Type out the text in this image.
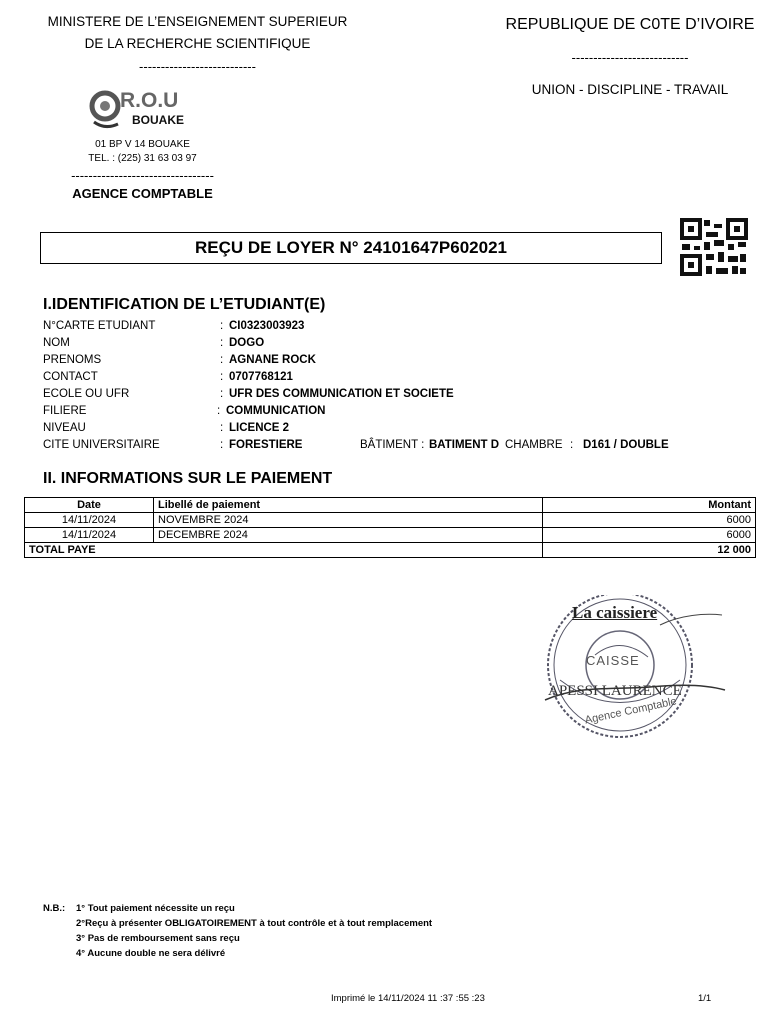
MINISTERE DE L’ENSEIGNEMENT SUPERIEUR
DE LA RECHERCHE SCIENTIFIQUE
---------------------------
R.O.U
BOUAKE
01 BP V 14 BOUAKE
TEL. : (225) 31 63 03 97
---------------------------------
AGENCE COMPTABLE
REPUBLIQUE DE C0TE D’IVOIRE
---------------------------
UNION - DISCIPLINE - TRAVAIL
REÇU DE LOYER N° 24101647P602021
I.IDENTIFICATION DE L’ETUDIANT(E)
N°CARTE ETUDIANT	: CI0323003923
NOM	: DOGO
PRENOMS	: AGNANE ROCK
CONTACT	: 0707768121
ECOLE OU UFR	: UFR DES COMMUNICATION ET SOCIETE
FILIERE	: COMMUNICATION
NIVEAU	: LICENCE 2
CITE UNIVERSITAIRE	: FORESTIERE	BÂTIMENT : BATIMENT D CHAMBRE : D161 / DOUBLE
II. INFORMATIONS SUR LE PAIEMENT
Date	Libellé de paiement	Montant
14/11/2024	NOVEMBRE 2024	6000
14/11/2024	DECEMBRE 2024	6000
TOTAL PAYE		12 000
La caissiere
CAISSE
APESSI LAURENCE
Agence Comptable
N.B.: 1° Tout paiement nécessite un reçu
2°Reçu à présenter OBLIGATOIREMENT à tout contrôle et à tout remplacement
3° Pas de remboursement sans reçu
4° Aucune double ne sera délivré
Imprimé le 14/11/2024 11 :37 :55 :23	1/1
